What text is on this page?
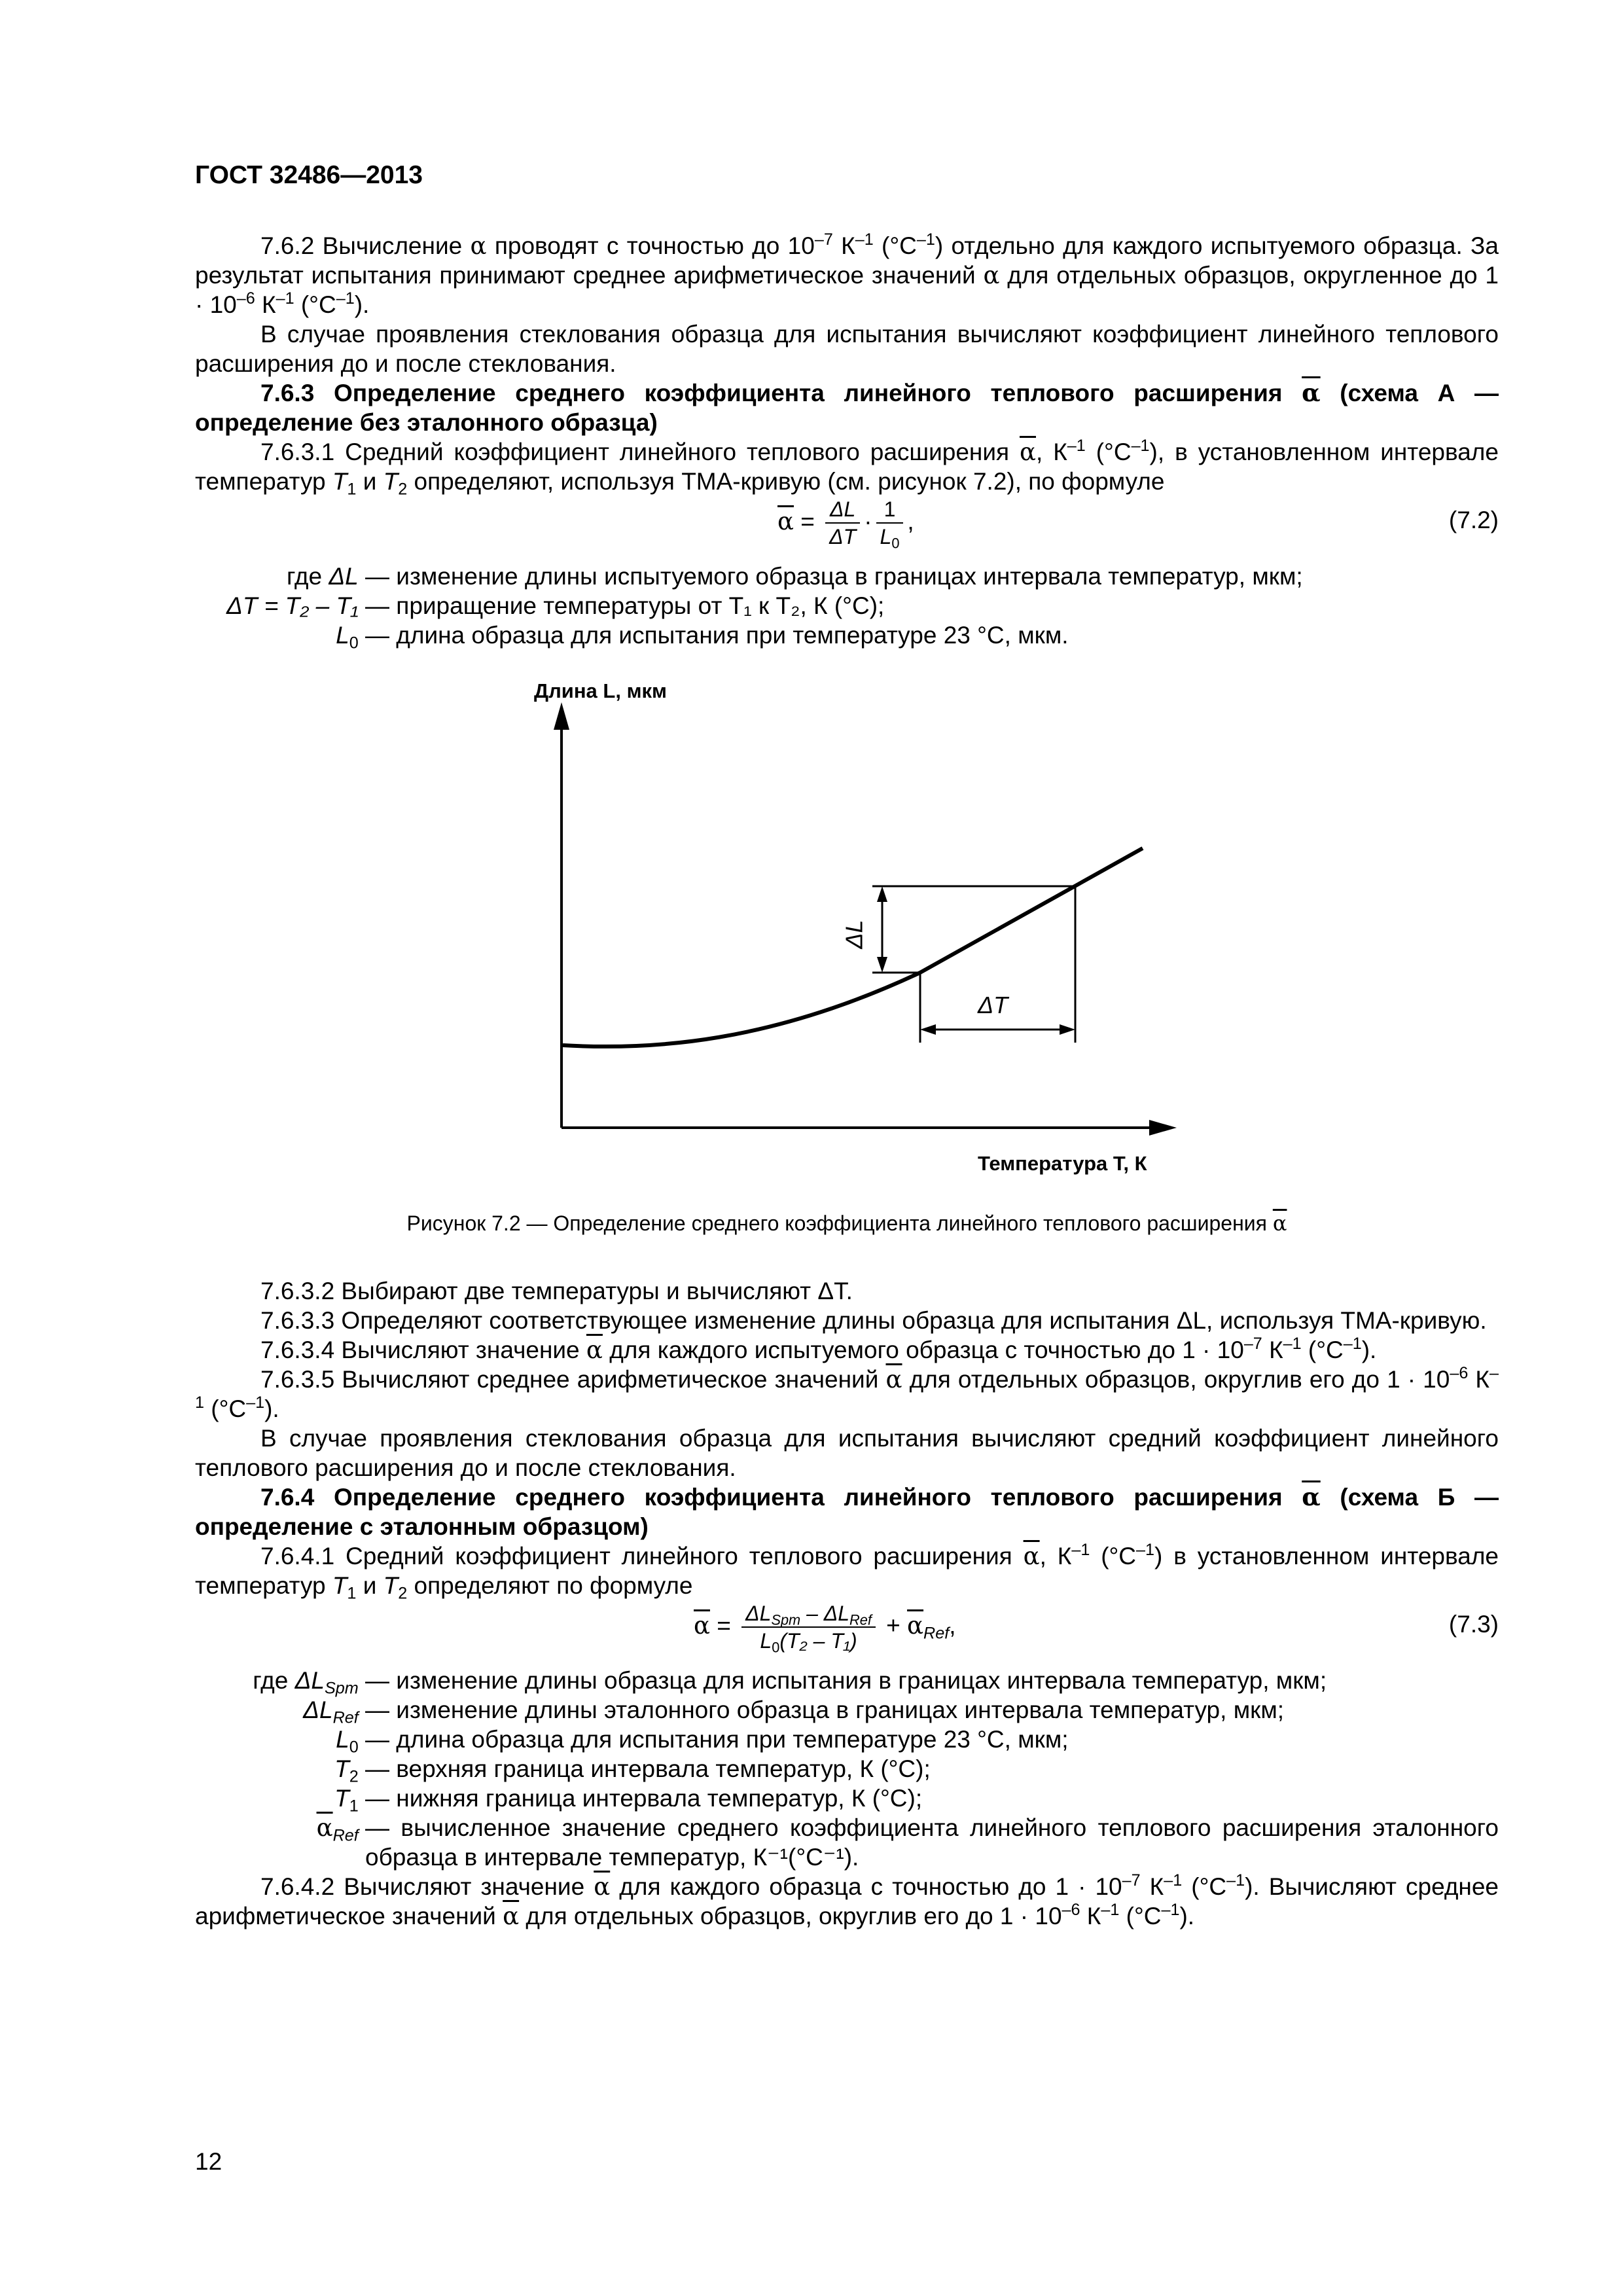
ГОСТ 32486—2013

7.6.2 Вычисление α проводят с точностью до $10^{-7}$ $К^{-1}$ $(^\circ С^{-1})$ отдельно для каждого испытуемого образца. За результат испытания принимают среднее арифметическое значений α для отдельных образцов, округленное до $1 \cdot 10^{-6}$ $К^{-1}$ $(^\circ С^{-1})$.

В случае проявления стеклования образца для испытания вычисляют коэффициент линейного теплового расширения до и после стеклования.

7.6.3 Определение среднего коэффициента линейного теплового расширения $\overline{\alpha}$ (схема А — определение без эталонного образца)

7.6.3.1 Средний коэффициент линейного теплового расширения $\overline{\alpha}$, $К^{-1}$ $(^\circ С^{-1})$, в установленном интервале температур $T_1$ и $T_2$ определяют, используя ТМА-кривую (см. рисунок 7.2), по формуле

$\overline{\alpha} = \frac{\Delta L}{\Delta T} \cdot \frac{1}{L_0}$ ,	(7.2)
где ΔL — изменение длины испытуемого образца в границах интервала температур, мкм;
ΔT = T₂ – T₁ — приращение температуры от T₁ к T₂, К (°С);
$L_0$ — длина образца для испытания при температуре 23 °С, мкм.
Длина L, мкм
Температура T, К
ΔL
ΔT
Рисунок 7.2 — Определение среднего коэффициента линейного теплового расширения $\overline{\alpha}$

7.6.3.2 Выбирают две температуры и вычисляют ΔT.

7.6.3.3 Определяют соответствующее изменение длины образца для испытания ΔL, используя ТМА-кривую.

7.6.3.4 Вычисляют значение $\overline{\alpha}$ для каждого испытуемого образца с точностью до $1 \cdot 10^{-7}$ $К^{-1}$ $(^\circ С^{-1})$.

7.6.3.5 Вычисляют среднее арифметическое значений $\overline{\alpha}$ для отдельных образцов, округлив его до $1 \cdot 10^{-6}$ $К^{-1}$ $(^\circ С^{-1})$.

В случае проявления стеклования образца для испытания вычисляют средний коэффициент линейного теплового расширения до и после стеклования.

7.6.4 Определение среднего коэффициента линейного теплового расширения $\overline{\alpha}$ (схема Б — определение с эталонным образцом)

7.6.4.1 Средний коэффициент линейного теплового расширения $\overline{\alpha}$, $К^{-1}$ $(^\circ С^{-1})$ в установленном интервале температур $T_1$ и $T_2$ определяют по формуле

$\overline{\alpha} = \frac{\Delta L_{Spm} - \Delta L_{Ref}}{L_0(T_2 - T_1)} + \overline{\alpha}_{Ref}$,	(7.3)
где $\Delta L_{Spm}$ — изменение длины образца для испытания в границах интервала температур, мкм;
$\Delta L_{Ref}$ — изменение длины эталонного образца в границах интервала температур, мкм;
$L_0$ — длина образца для испытания при температуре 23 °С, мкм;
$T_2$ — верхняя граница интервала температур, К (°С);
$T_1$ — нижняя граница интервала температур, К (°С);
$\overline{\alpha}_{Ref}$ — вычисленное значение среднего коэффициента линейного теплового расширения эталонного образца в интервале температур, К⁻¹(°С⁻¹).

7.6.4.2 Вычисляют значение $\overline{\alpha}$ для каждого образца с точностью до $1 \cdot 10^{-7}$ $К^{-1}$ $(^\circ С^{-1})$. Вычисляют среднее арифметическое значений $\overline{\alpha}$ для отдельных образцов, округлив его до $1 \cdot 10^{-6}$ $К^{-1}$ $(^\circ С^{-1})$.

12
